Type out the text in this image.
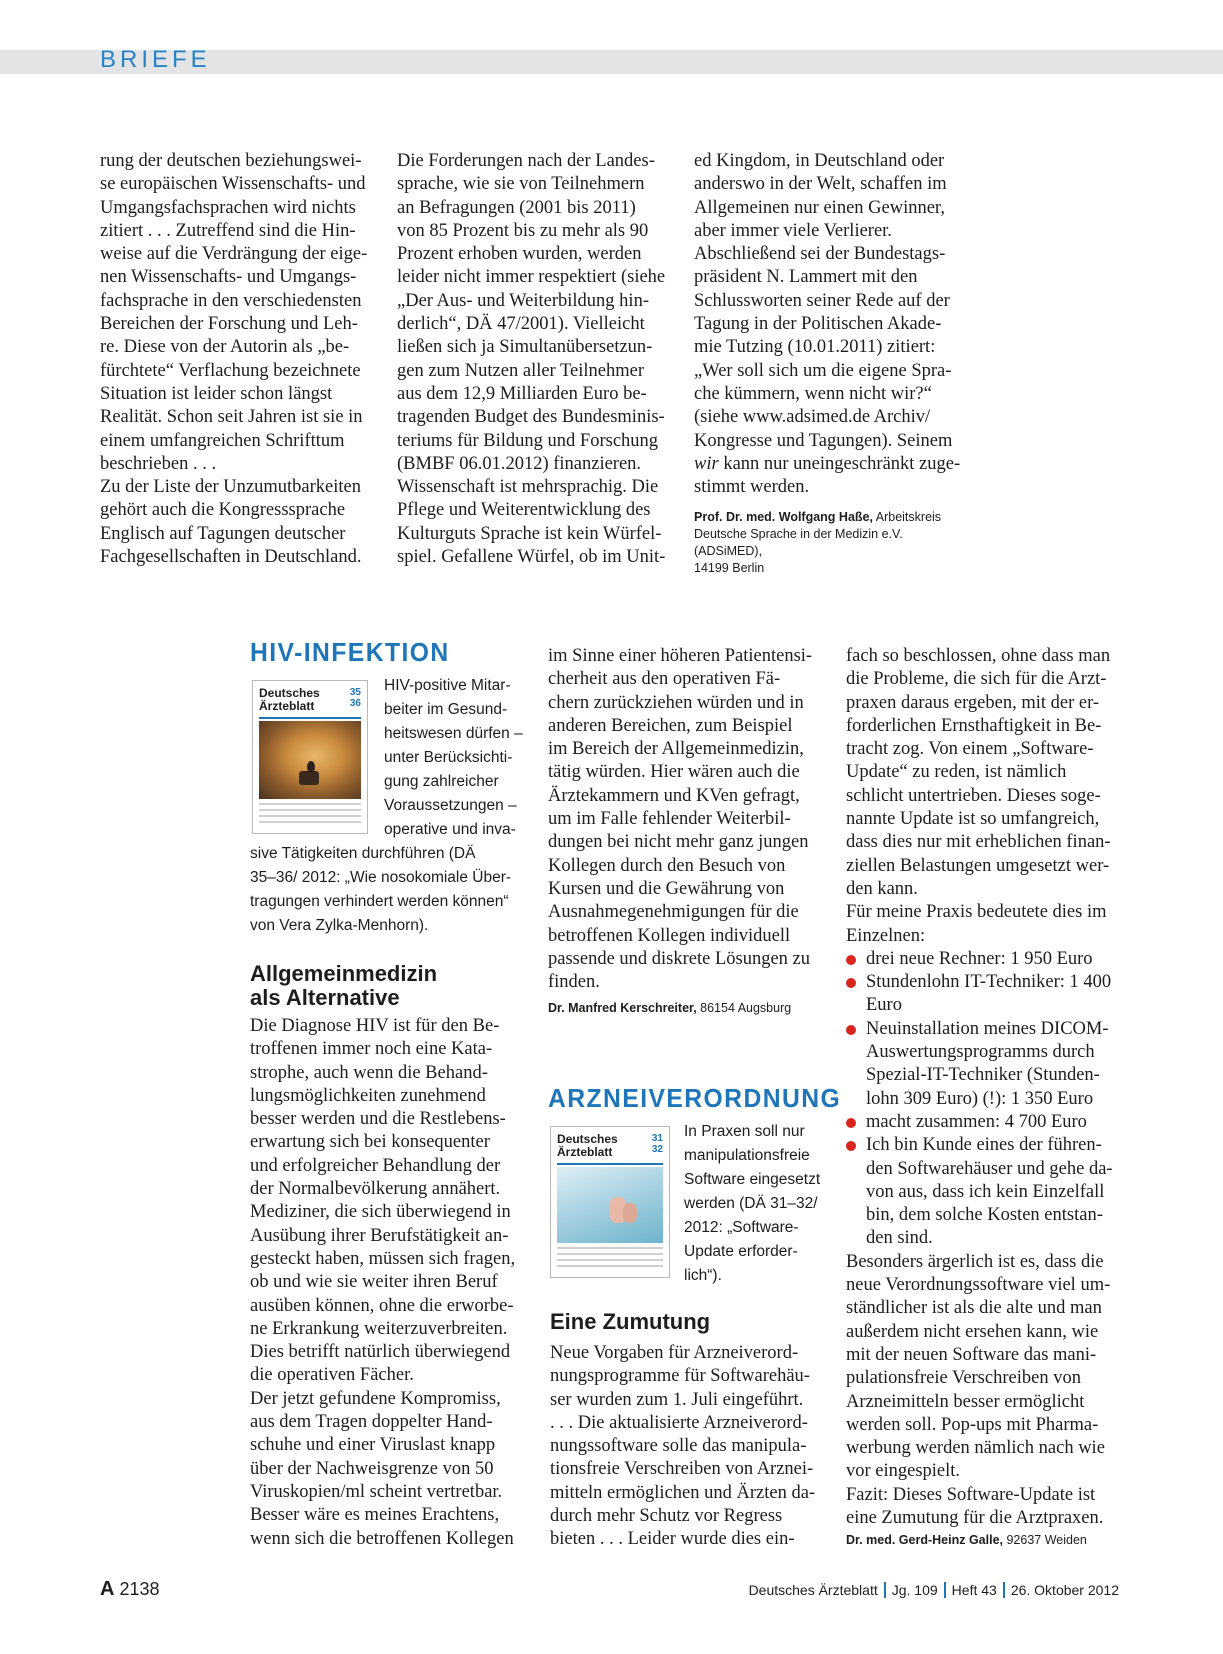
BRIEFE
rung der deutschen beziehungswei-
se europäischen Wissenschafts- und
Umgangsfachsprachen wird nichts
zitiert . . . Zutreffend sind die Hin-
weise auf die Verdrängung der eige-
nen Wissenschafts- und Umgangs-
fachsprache in den verschiedensten
Bereichen der Forschung und Leh-
re. Diese von der Autorin als „be-
fürchtete“ Verflachung bezeichnete
Situation ist leider schon längst
Realität. Schon seit Jahren ist sie in
einem umfangreichen Schrifttum
beschrieben . . .
Zu der Liste der Unzumutbarkeiten
gehört auch die Kongresssprache
Englisch auf Tagungen deutscher
Fachgesellschaften in Deutschland.
Die Forderungen nach der Landes-
sprache, wie sie von Teilnehmern
an Befragungen (2001 bis 2011)
von 85 Prozent bis zu mehr als 90
Prozent erhoben wurden, werden
leider nicht immer respektiert (siehe
„Der Aus- und Weiterbildung hin-
derlich“, DÄ 47/2001). Vielleicht
ließen sich ja Simultanübersetzun-
gen zum Nutzen aller Teilnehmer
aus dem 12,9 Milliarden Euro be-
tragenden Budget des Bundesminis-
teriums für Bildung und Forschung
(BMBF 06.01.2012) finanzieren.
Wissenschaft ist mehrsprachig. Die
Pflege und Weiterentwicklung des
Kulturguts Sprache ist kein Würfel-
spiel. Gefallene Würfel, ob im Unit-
ed Kingdom, in Deutschland oder
anderswo in der Welt, schaffen im
Allgemeinen nur einen Gewinner,
aber immer viele Verlierer.
Abschließend sei der Bundestags-
präsident N. Lammert mit den
Schlussworten seiner Rede auf der
Tagung in der Politischen Akade-
mie Tutzing (10.01.2011) zitiert:
„Wer soll sich um die eigene Spra-
che kümmern, wenn nicht wir?“
(siehe www.adsimed.de Archiv/
Kongresse und Tagungen). Seinem
wir kann nur uneingeschränkt zuge-
stimmt werden.
Prof. Dr. med. Wolfgang Haße, Arbeitskreis
Deutsche Sprache in der Medizin e.V. (ADSiMED),
14199 Berlin
HIV-INFEKTION
Deutsches
Ärzteblatt
35
36
HIV-positive Mitar-
beiter im Gesund-
heitswesen dürfen –
unter Berücksichti-
gung zahlreicher
Voraussetzungen –
operative und inva-
sive Tätigkeiten durchführen (DÄ
35–36/ 2012: „Wie nosokomiale Über-
tragungen verhindert werden können“
von Vera Zylka-Menhorn).
Allgemeinmedizin
als Alternative
Die Diagnose HIV ist für den Be-
troffenen immer noch eine Kata-
strophe, auch wenn die Behand-
lungsmöglichkeiten zunehmend
besser werden und die Restlebens-
erwartung sich bei konsequenter
und erfolgreicher Behandlung der
der Normalbevölkerung annähert.
Mediziner, die sich überwiegend in
Ausübung ihrer Berufstätigkeit an-
gesteckt haben, müssen sich fragen,
ob und wie sie weiter ihren Beruf
ausüben können, ohne die erworbe-
ne Erkrankung weiterzuverbreiten.
Dies betrifft natürlich überwiegend
die operativen Fächer.
Der jetzt gefundene Kompromiss,
aus dem Tragen doppelter Hand-
schuhe und einer Viruslast knapp
über der Nachweisgrenze von 50
Viruskopien/ml scheint vertretbar.
Besser wäre es meines Erachtens,
wenn sich die betroffenen Kollegen
im Sinne einer höheren Patientensi-
cherheit aus den operativen Fä-
chern zurückziehen würden und in
anderen Bereichen, zum Beispiel
im Bereich der Allgemeinmedizin,
tätig würden. Hier wären auch die
Ärztekammern und KVen gefragt,
um im Falle fehlender Weiterbil-
dungen bei nicht mehr ganz jungen
Kollegen durch den Besuch von
Kursen und die Gewährung von
Ausnahmegenehmigungen für die
betroffenen Kollegen individuell
passende und diskrete Lösungen zu
finden.
Dr. Manfred Kerschreiter, 86154 Augsburg
ARZNEIVERORDNUNG
Deutsches
Ärzteblatt
31
32
In Praxen soll nur
manipulationsfreie
Software eingesetzt
werden (DÄ 31–32/
2012: „Software-
Update erforder-
lich“).
Eine Zumutung
Neue Vorgaben für Arzneiverord-
nungsprogramme für Softwarehäu-
ser wurden zum 1. Juli eingeführt.
. . . Die aktualisierte Arzneiverord-
nungssoftware solle das manipula-
tionsfreie Verschreiben von Arznei-
mitteln ermöglichen und Ärzten da-
durch mehr Schutz vor Regress
bieten . . . Leider wurde dies ein-
fach so beschlossen, ohne dass man
die Probleme, die sich für die Arzt-
praxen daraus ergeben, mit der er-
forderlichen Ernsthaftigkeit in Be-
tracht zog. Von einem „Software-
Update“ zu reden, ist nämlich
schlicht untertrieben. Dieses soge-
nannte Update ist so umfangreich,
dass dies nur mit erheblichen finan-
ziellen Belastungen umgesetzt wer-
den kann.
Für meine Praxis bedeutete dies im
Einzelnen:
drei neue Rechner: 1 950 Euro
Stundenlohn IT-Techniker: 1 400
Euro
Neuinstallation meines DICOM-
Auswertungsprogramms durch
Spezial-IT-Techniker (Stunden-
lohn 309 Euro) (!): 1 350 Euro
macht zusammen: 4 700 Euro
Ich bin Kunde eines der führen-
den Softwarehäuser und gehe da-
von aus, dass ich kein Einzelfall
bin, dem solche Kosten entstan-
den sind.
Besonders ärgerlich ist es, dass die
neue Verordnungssoftware viel um-
ständlicher ist als die alte und man
außerdem nicht ersehen kann, wie
mit der neuen Software das mani-
pulationsfreie Verschreiben von
Arzneimitteln besser ermöglicht
werden soll. Pop-ups mit Pharma-
werbung werden nämlich nach wie
vor eingespielt.
Fazit: Dieses Software-Update ist
eine Zumutung für die Arztpraxen.
Dr. med. Gerd-Heinz Galle, 92637 Weiden
A 2138	Deutsches Ärzteblatt Jg. 109 Heft 43 26. Oktober 2012
